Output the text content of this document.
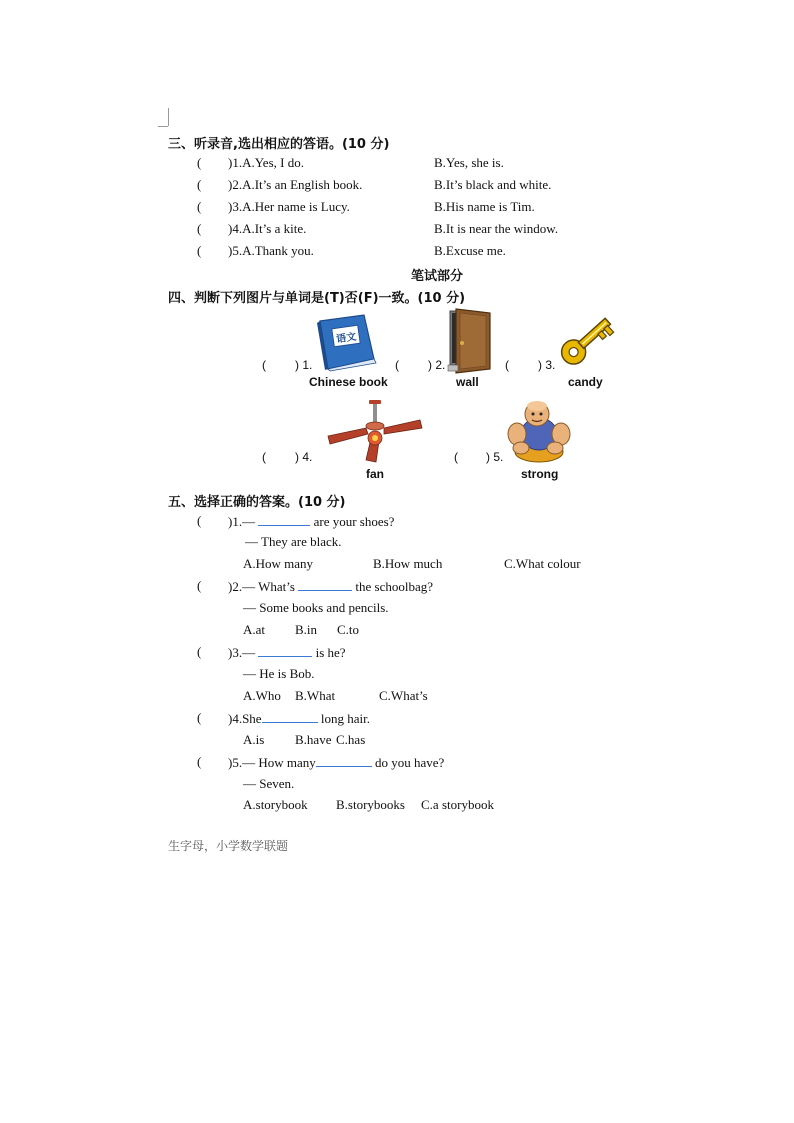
三、听录音,选出相应的答语。(10 分)
( )1.A.Yes, I do.	B.Yes, she is.
( )2.A.It’s an English book.	B.It’s black and white.
( )3.A.Her name is Lucy.	B.His name is Tim.
( )4.A.It’s a kite.	B.It is near the window.
( )5.A.Thank you.	B.Excuse me.
笔试部分
四、判断下列图片与单词是(T)否(F)一致。(10 分)
语文
( ) 1.	( ) 2.	( ) 3.
Chinese book	wall	candy
( ) 4.	( ) 5.
fan	strong
五、选择正确的答案。(10 分)
( )1.—	are your shoes?
— They are black.
A.How many	B.How much	C.What colour
( )2.— What’s	the schoolbag?
— Some books and pencils.
A.at B.in C.to
( )3.—	is he?
— He is Bob.
A.Who B.What	C.What’s
( )4.She	long hair.
A.is B.have C.has
( )5.— How many	do you have?
— Seven.
A.storybook B.storybooks C.a storybook
生字母，小学数学联题
